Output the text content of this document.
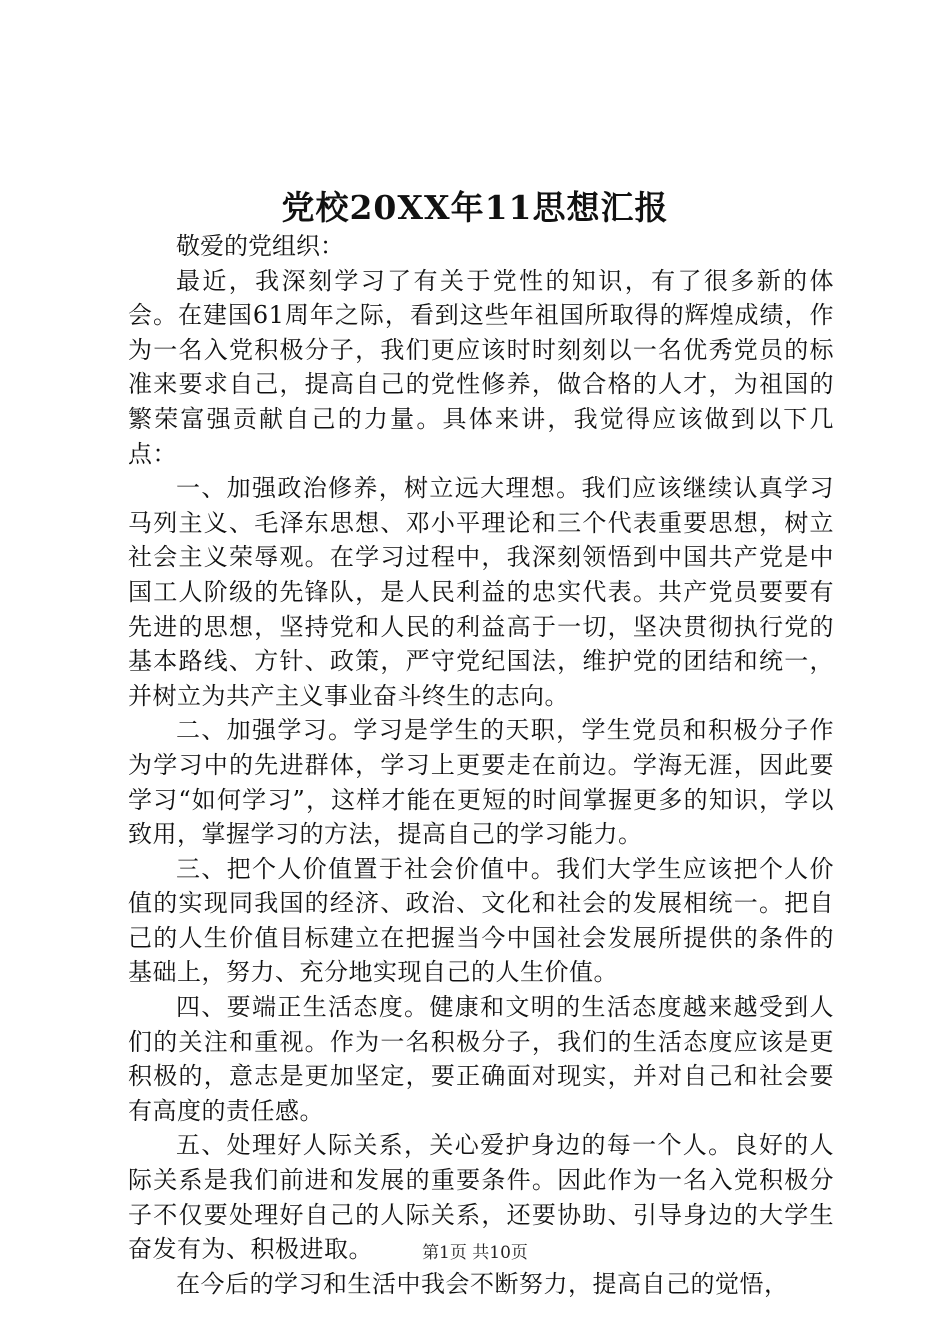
党校20XX年11思想汇报

敬爱的党组织：

最近，我深刻学习了有关于党性的知识，有了很多新的体会。在建国61周年之际，看到这些年祖国所取得的辉煌成绩，作为一名入党积极分子，我们更应该时时刻刻以一名优秀党员的标准来要求自己，提高自己的党性修养，做合格的人才，为祖国的繁荣富强贡献自己的力量。具体来讲，我觉得应该做到以下几点：

一、加强政治修养，树立远大理想。我们应该继续认真学习马列主义、毛泽东思想、邓小平理论和三个代表重要思想，树立社会主义荣辱观。在学习过程中，我深刻领悟到中国共产党是中国工人阶级的先锋队，是人民利益的忠实代表。共产党员要要有先进的思想，坚持党和人民的利益高于一切，坚决贯彻执行党的基本路线、方针、政策，严守党纪国法，维护党的团结和统一，并树立为共产主义事业奋斗终生的志向。

二、加强学习。学习是学生的天职，学生党员和积极分子作为学习中的先进群体，学习上更要走在前边。学海无涯，因此要学习“如何学习”，这样才能在更短的时间掌握更多的知识，学以致用，掌握学习的方法，提高自己的学习能力。

三、把个人价值置于社会价值中。我们大学生应该把个人价值的实现同我国的经济、政治、文化和社会的发展相统一。把自己的人生价值目标建立在把握当今中国社会发展所提供的条件的基础上，努力、充分地实现自己的人生价值。

四、要端正生活态度。健康和文明的生活态度越来越受到人们的关注和重视。作为一名积极分子，我们的生活态度应该是更积极的，意志是更加坚定，要正确面对现实，并对自己和社会要有高度的责任感。

五、处理好人际关系，关心爱护身边的每一个人。良好的人际关系是我们前进和发展的重要条件。因此作为一名入党积极分子不仅要处理好自己的人际关系，还要协助、引导身边的大学生奋发有为、积极进取。

在今后的学习和生活中我会不断努力，提高自己的觉悟，

第1页 共10页
